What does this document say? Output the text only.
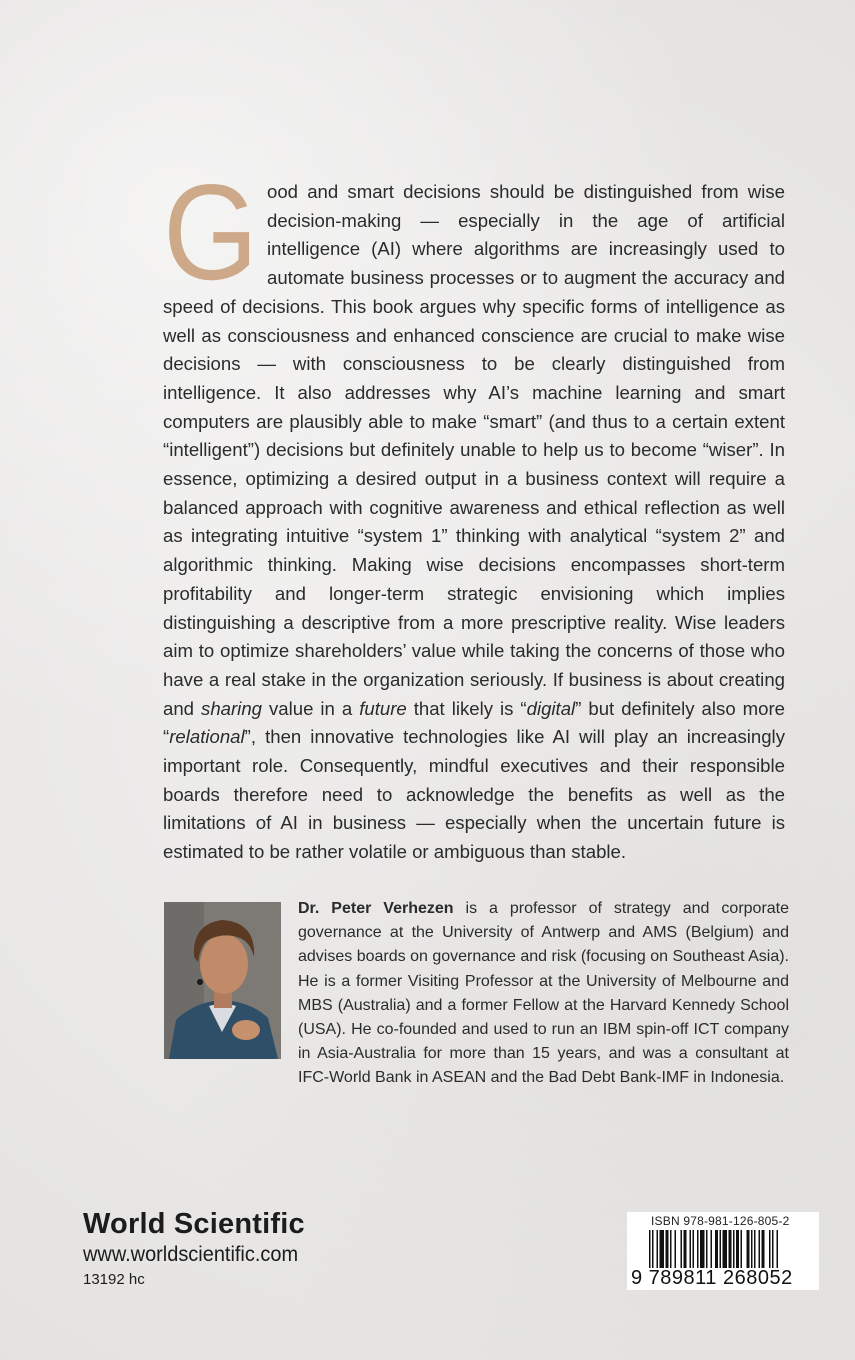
G ood and smart decisions should be distinguished from wise decision-making — especially in the age of artificial intelligence (AI) where algorithms are increasingly used to automate business processes or to augment the accuracy and speed of decisions. This book argues why specific forms of intelligence as well as consciousness and enhanced conscience are crucial to make wise decisions — with consciousness to be clearly distinguished from intelligence. It also addresses why AI’s machine learning and smart computers are plausibly able to make “smart” (and thus to a certain extent “intelligent”) decisions but definitely unable to help us to become “wiser”. In essence, optimizing a desired output in a business context will require a balanced approach with cognitive awareness and ethical reflection as well as integrating intuitive “system 1” thinking with analytical “system 2” and algorithmic thinking. Making wise decisions encompasses short-term profitability and longer-term strategic envisioning which implies distinguishing a descriptive from a more prescriptive reality. Wise leaders aim to optimize shareholders’ value while taking the concerns of those who have a real stake in the organization seriously. If business is about creating and sharing value in a future that likely is “digital” but definitely also more “relational”, then innovative technologies like AI will play an increasingly important role. Consequently, mindful executives and their responsible boards therefore need to acknowledge the benefits as well as the limitations of AI in business — especially when the uncertain future is estimated to be rather volatile or ambiguous than stable.
Dr. Peter Verhezen is a professor of strategy and corporate governance at the University of Antwerp and AMS (Belgium) and advises boards on governance and risk (focusing on Southeast Asia). He is a former Visiting Professor at the University of Melbourne and MBS (Australia) and a former Fellow at the Harvard Kennedy School (USA). He co-founded and used to run an IBM spin-off ICT company in Asia-Australia for more than 15 years, and was a consultant at IFC-World Bank in ASEAN and the Bad Debt Bank-IMF in Indonesia.
World Scientific
www.worldscientific.com
13192 hc
ISBN 978-981-126-805-2
9 789811 268052
